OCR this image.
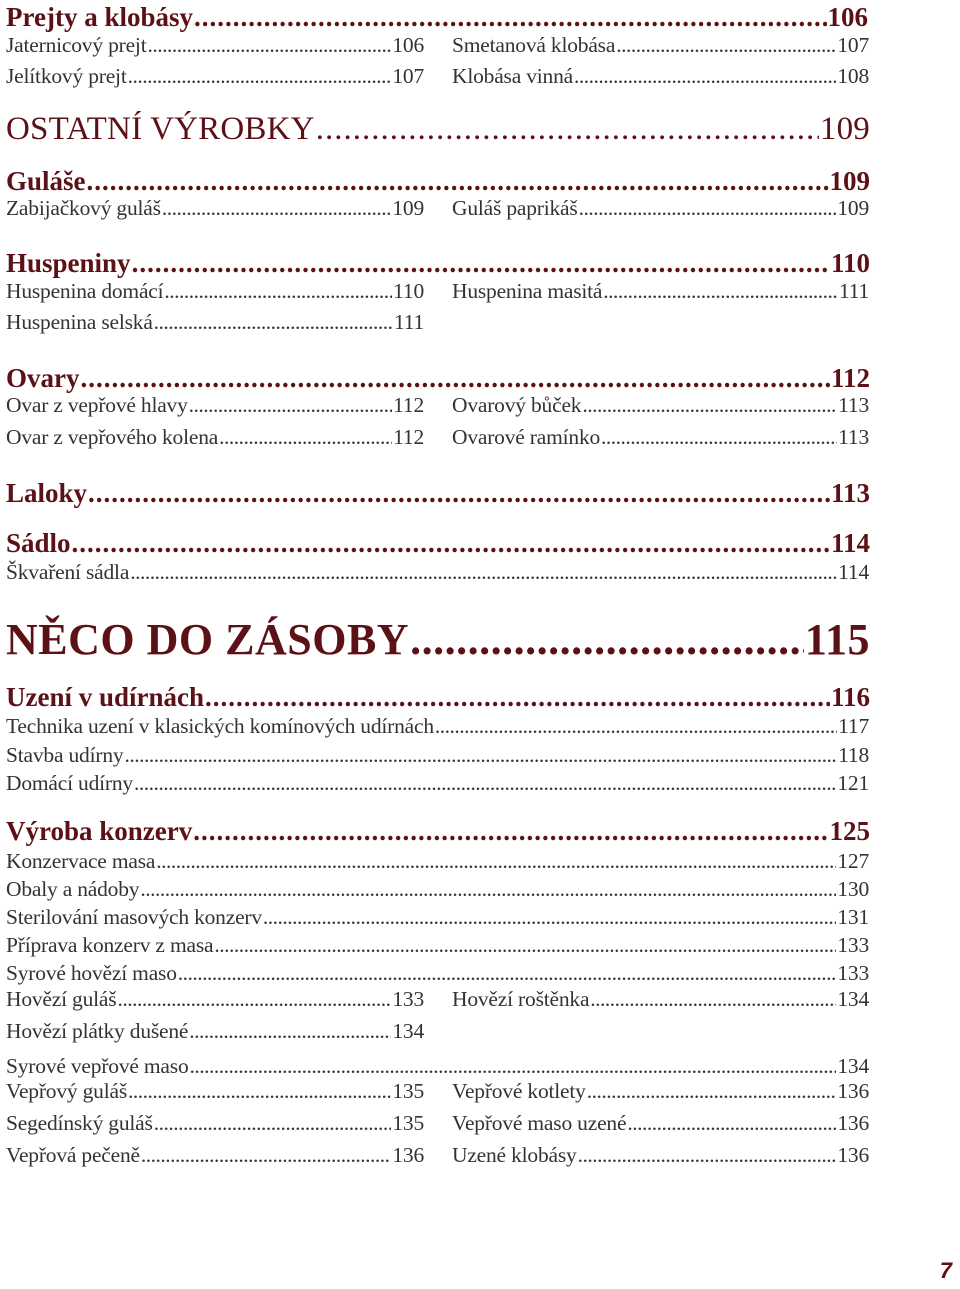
Prejty a klobásy .....	106
Jaternicový prejt .....	106 Smetanová klobása .....	107
Jelítkový prejt .....	107 Klobása vinná .....	108
OSTATNÍ VÝROBKY .....	109
Guláše .....	109
Zabijačkový guláš .....	109 Guláš paprikáš .....	109
Huspeniny .....	110
Huspenina domácí .....	110 Huspenina masitá .....	111
Huspenina selská .....	111
Ovary .....	112
Ovar z vepřové hlavy .....	112 Ovarový bůček .....	113
Ovar z vepřového kolena .....	112 Ovarové ramínko .....	113
Laloky .....	113
Sádlo .....	114
Škvaření sádla .....	114
NĚCO DO ZÁSOBY .....	115
Uzení v udírnách .....	116
Technika uzení v klasických komínových udírnách .....	117
Stavba udírny .....	118
Domácí udírny .....	121
Výroba konzerv .....	125
Konzervace masa .....	127
Obaly a nádoby .....	130
Sterilování masových konzerv .....	131
Příprava konzerv z masa .....	133
Syrové hovězí maso .....	133
Hovězí guláš .....	133 Hovězí roštěnka .....	134
Hovězí plátky dušené .....	134
Syrové vepřové maso .....	134
Vepřový guláš .....	135 Vepřové kotlety .....	136
Segedínský guláš .....	135 Vepřové maso uzené .....	136
Vepřová pečeně .....	136 Uzené klobásy .....	136
7
